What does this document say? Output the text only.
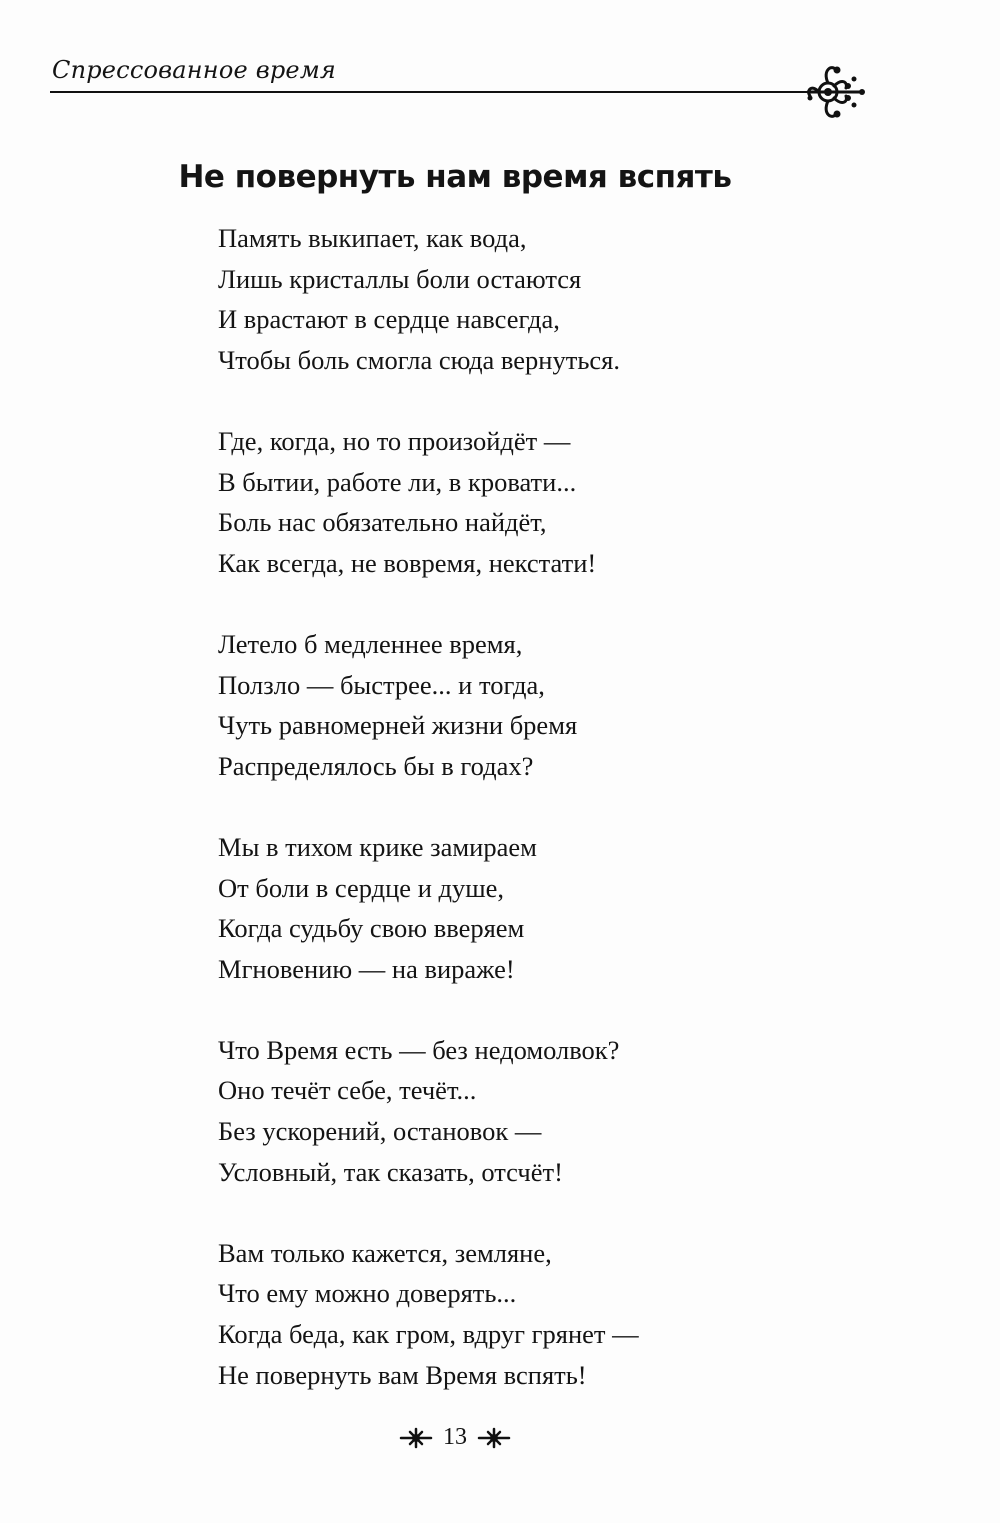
Спрессованное время
Не повернуть нам время вспять
Память выкипает, как вода,
Лишь кристаллы боли остаются
И врастают в сердце навсегда,
Чтобы боль смогла сюда вернуться.
Где, когда, но то произойдёт —
В бытии, работе ли, в кровати...
Боль нас обязательно найдёт,
Как всегда, не вовремя, некстати!
Летело б медленнее время,
Ползло — быстрее... и тогда,
Чуть равномерней жизни бремя
Распределялось бы в годах?
Мы в тихом крике замираем
От боли в сердце и душе,
Когда судьбу свою вверяем
Мгновению — на вираже!
Что Время есть — без недомолвок?
Оно течёт себе, течёт...
Без ускорений, остановок —
Условный, так сказать, отсчёт!
Вам только кажется, земляне,
Что ему можно доверять...
Когда беда, как гром, вдруг грянет —
Не повернуть вам Время вспять!
13
